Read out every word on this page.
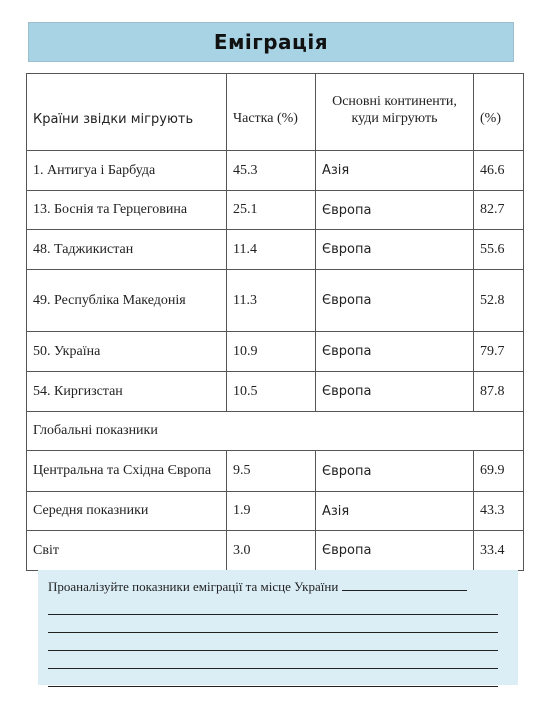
Еміграція
Країни звідки мігрують	Частка (%)	Основні континенти, куди мігрують	(%)
1. Антигуа і Барбуда	45.3	Азія	46.6
13. Боснія та Герцеговина	25.1	Європа	82.7
48. Таджикистан	11.4	Європа	55.6
49. Республіка Македонія	11.3	Європа	52.8
50. Україна	10.9	Європа	79.7
54. Киргизстан	10.5	Європа	87.8
Глобальні показники			
Центральна та Східна Європа	9.5	Європа	69.9
Середня показники	1.9	Азія	43.3
Світ	3.0	Європа	33.4
Проаналізуйте показники еміграції та місце України
